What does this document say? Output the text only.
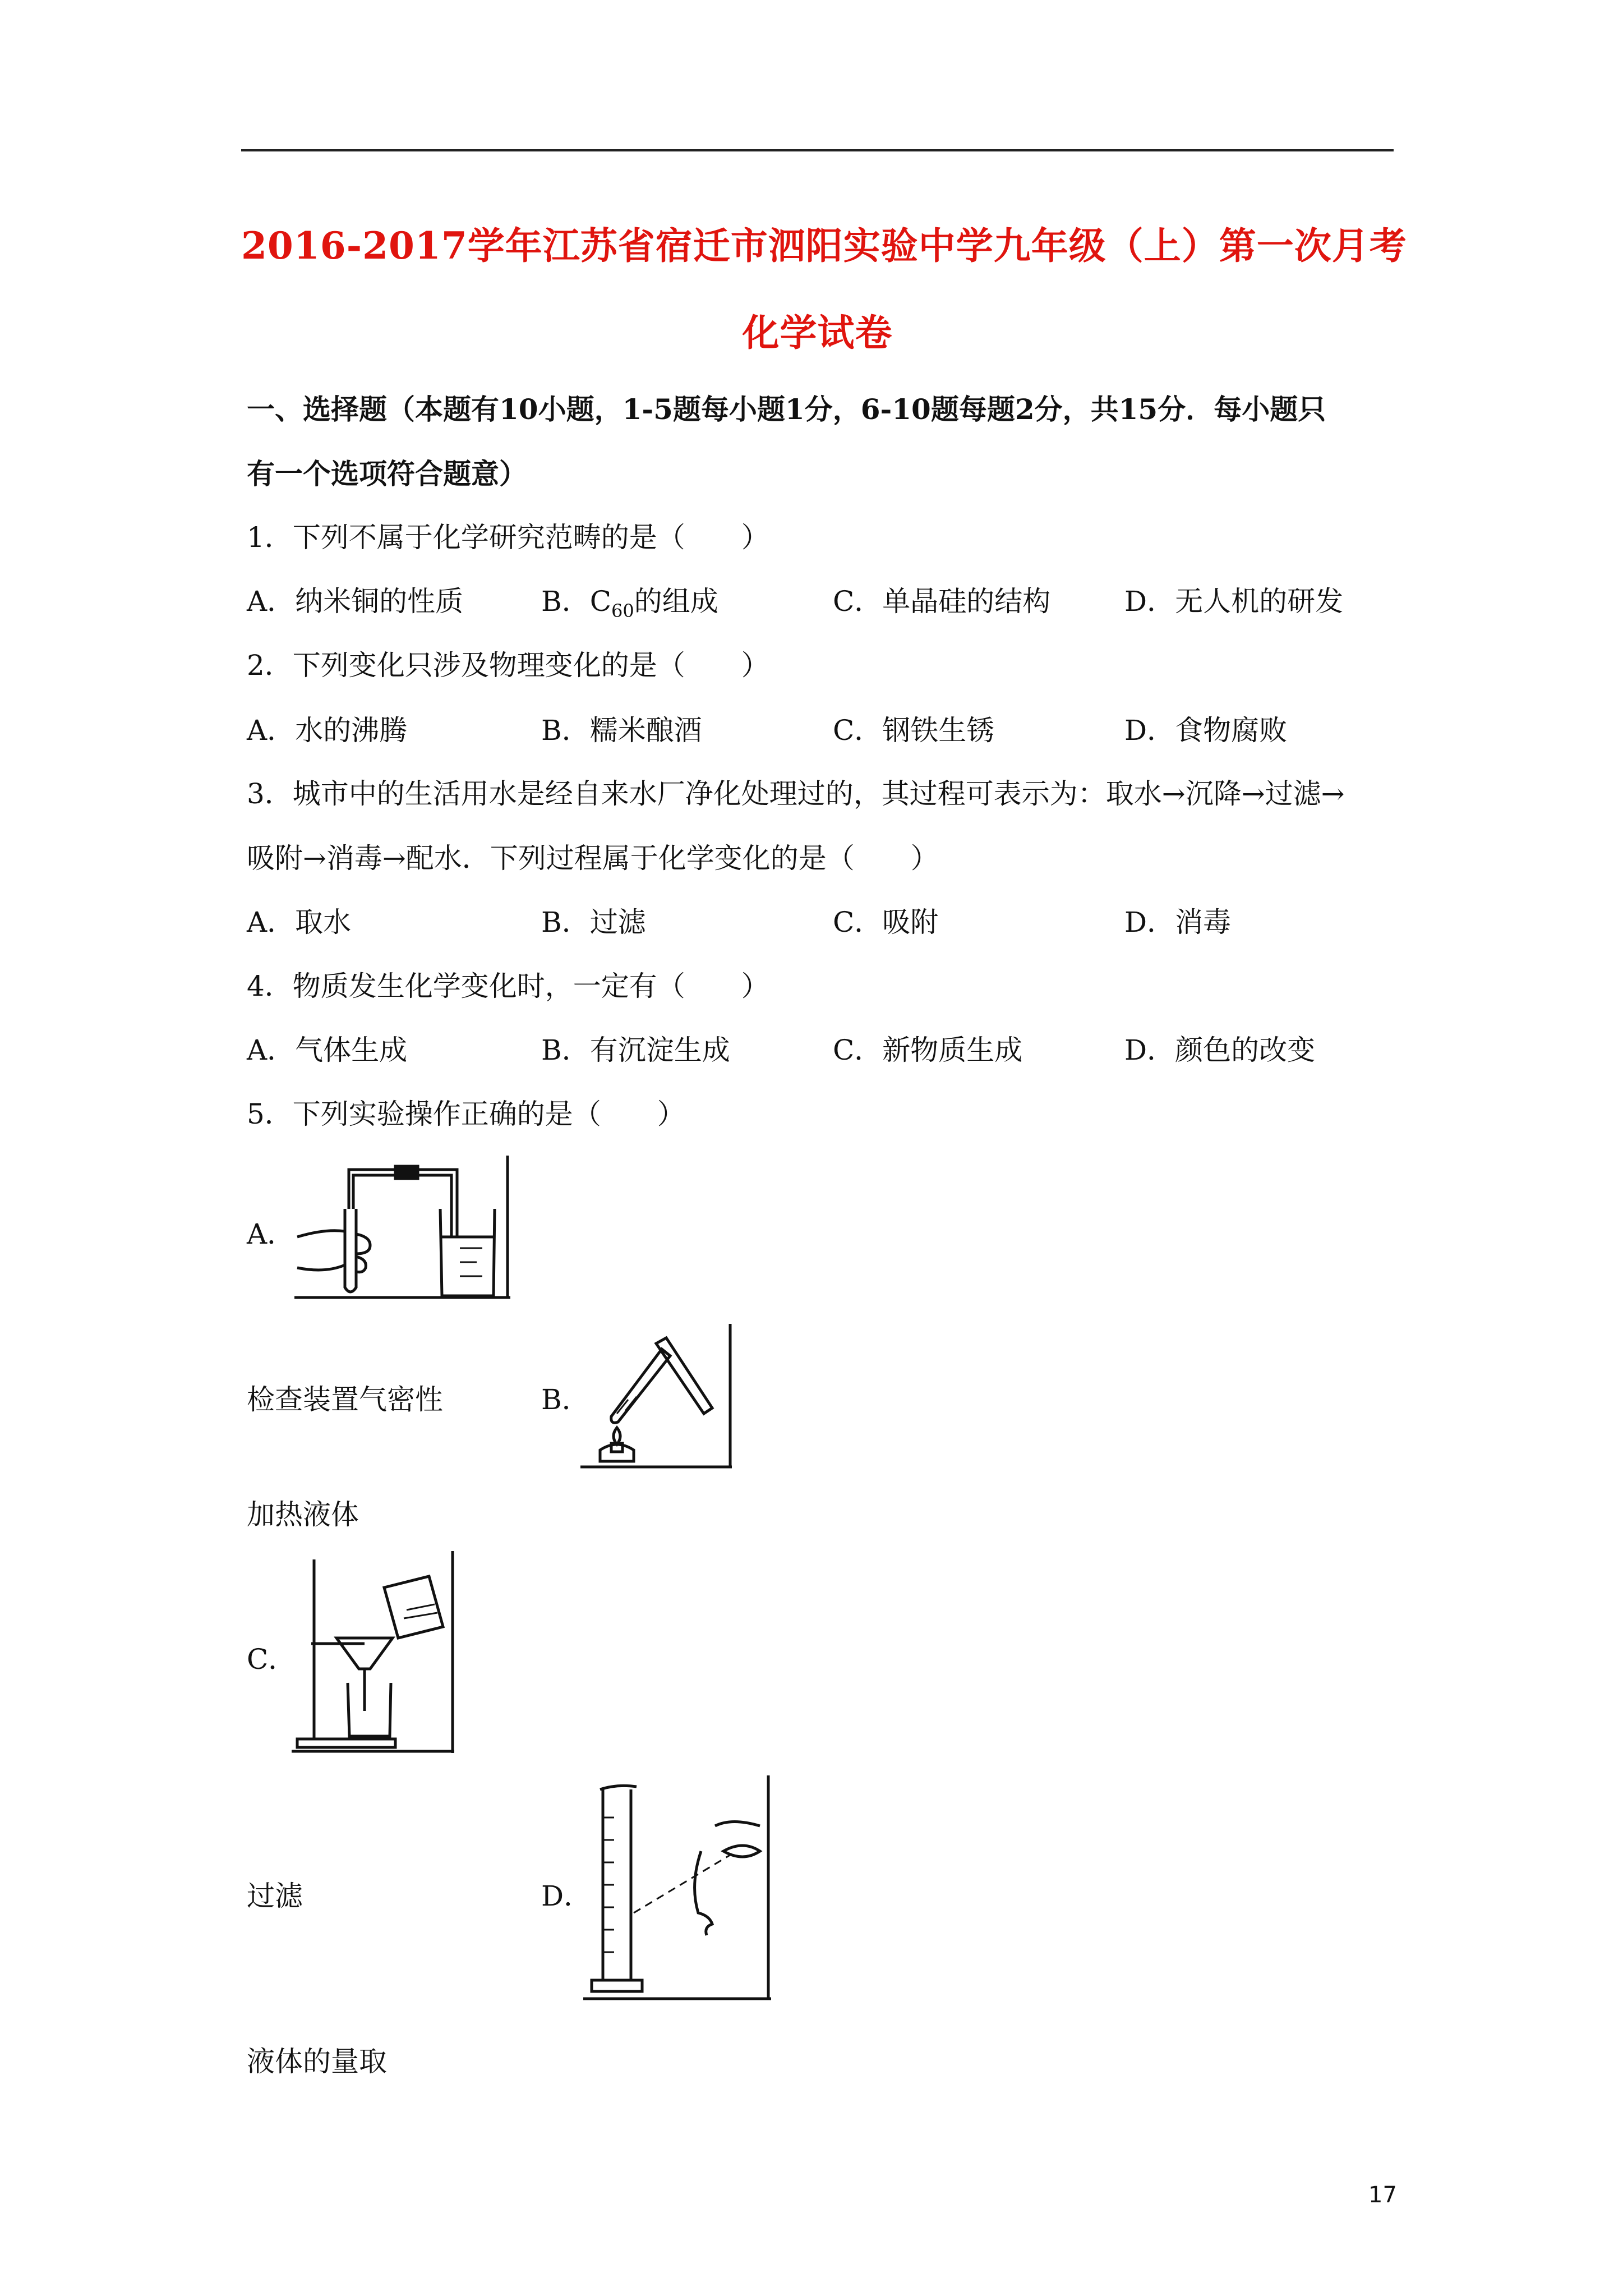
2016-2017学年江苏省宿迁市泗阳实验中学九年级（上）第一次月考
化学试卷
一、选择题（本题有10小题，1-5题每小题1分，6-10题每题2分，共15分．每小题只
有一个选项符合题意）
1．下列不属于化学研究范畴的是（　　）
A．纳米铜的性质	B．$C_{60}$的组成	C．单晶硅的结构	D．无人机的研发
2．下列变化只涉及物理变化的是（　　）
A．水的沸腾	B．糯米酿酒	C．钢铁生锈	D．食物腐败
3．城市中的生活用水是经自来水厂净化处理过的，其过程可表示为：取水→沉降→过滤→
吸附→消毒→配水．下列过程属于化学变化的是（　　）
A．取水	B．过滤	C．吸附	D．消毒
4．物质发生化学变化时，一定有（　　）
A．气体生成	B．有沉淀生成	C．新物质生成	D．颜色的改变
5．下列实验操作正确的是（　　）
A．
检查装置气密性	B．
加热液体
C．
过滤	D．
液体的量取
17
